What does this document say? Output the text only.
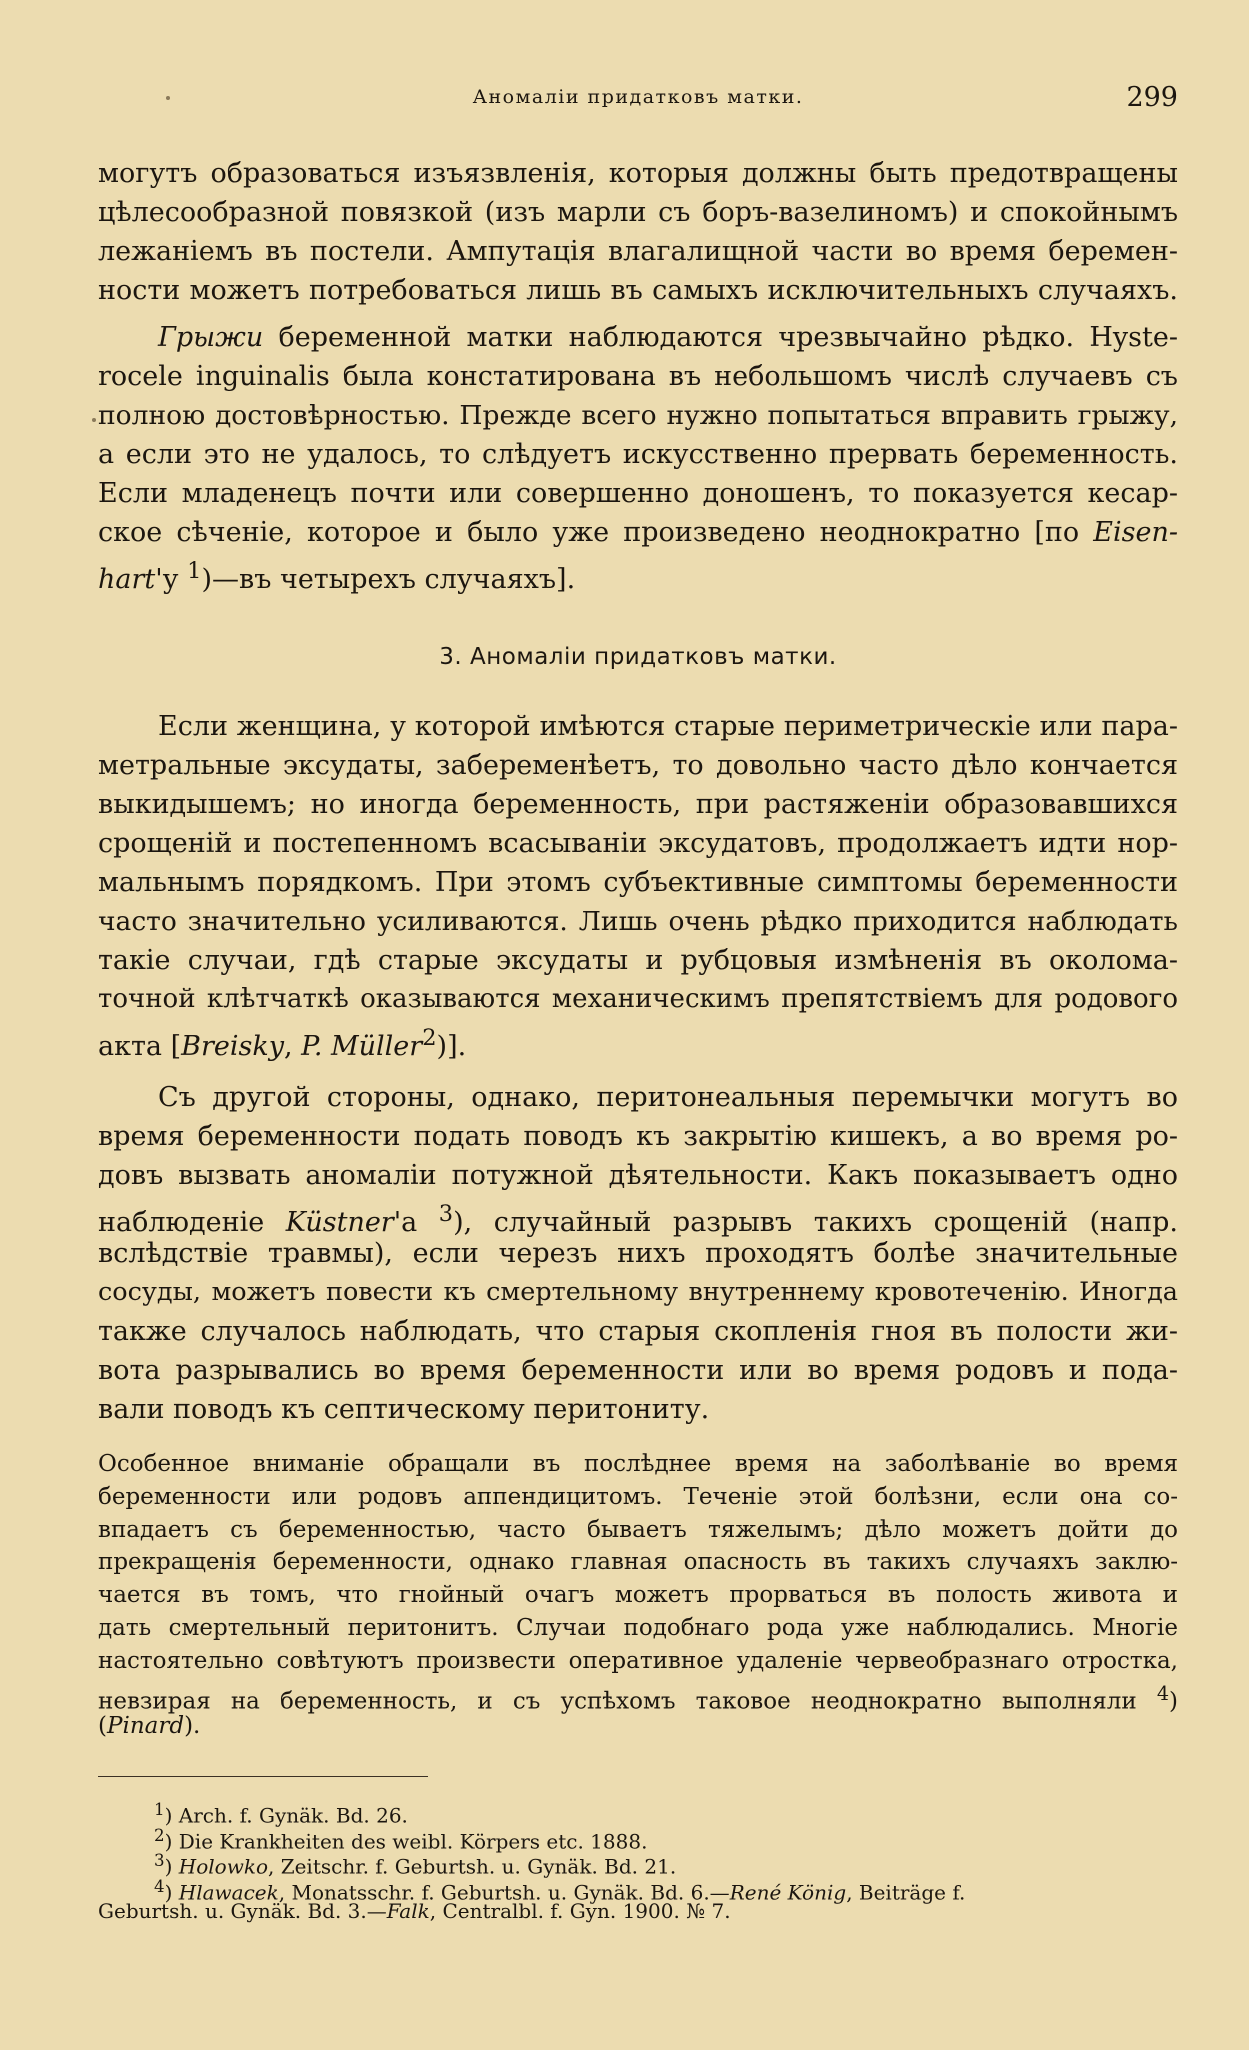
Аномалiи придатковъ матки.	299
могутъ образоваться изъязвленiя, которыя должны быть предотвращены
цѣлесообразной повязкой (изъ марли съ боръ-вазелиномъ) и спокойнымъ
лежанiемъ въ постели. Ампутацiя влагалищной части во время беремен-
ности можетъ потребоваться лишь въ самыхъ исключительныхъ случаяхъ.
Грыжи беременной матки наблюдаются чрезвычайно рѣдко. Hyste-
rocele inguinalis была констатирована въ небольшомъ числѣ случаевъ съ
полною достовѣрностью. Прежде всего нужно попытаться вправить грыжу,
а если это не удалось, то слѣдуетъ искусственно прервать беременность.
Если младенецъ почти или совершенно доношенъ, то показуется кесар-
ское сѣченiе, которое и было уже произведено неоднократно [по Eisen-
hart'у $^1$)—въ четырехъ случаяхъ].
3. Аномалiи придатковъ матки.
Если женщина, у которой имѣются старые периметрическiе или пара-
метральные эксудаты, забеременѣетъ, то довольно часто дѣло кончается
выкидышемъ; но иногда беременность, при растяженiи образовавшихся
срощенiй и постепенномъ всасыванiи эксудатовъ, продолжаетъ идти нор-
мальнымъ порядкомъ. При этомъ субъективные симптомы беременности
часто значительно усиливаются. Лишь очень рѣдко приходится наблюдать
такiе случаи, гдѣ старые эксудаты и рубцовыя измѣненiя въ околома-
точной клѣтчаткѣ оказываются механическимъ препятствiемъ для родового
акта [Breisky, P. Müller$^2$)].
Съ другой стороны, однако, перитонеальныя перемычки могутъ во
время беременности подать поводъ къ закрытiю кишекъ, а во время ро-
довъ вызвать аномалiи потужной дѣятельности. Какъ показываетъ одно
наблюденiе Küstner'а $^3$), случайный разрывъ такихъ срощенiй (напр.
вслѣдствiе травмы), если черезъ нихъ проходятъ болѣе значительные
сосуды, можетъ повести къ смертельному внутреннему кровотеченiю. Иногда
также случалось наблюдать, что старыя скопленiя гноя въ полости жи-
вота разрывались во время беременности или во время родовъ и пода-
вали поводъ къ септическому перитониту.
Особенное вниманiе обращали въ послѣднее время на заболѣванiе во время
беременности или родовъ аппендицитомъ. Теченiе этой болѣзни, если она со-
впадаетъ съ беременностью, часто бываетъ тяжелымъ; дѣло можетъ дойти до
прекращенiя беременности, однако главная опасность въ такихъ случаяхъ заклю-
чается въ томъ, что гнойный очагъ можетъ прорваться въ полость живота и
дать смертельный перитонитъ. Случаи подобнаго рода уже наблюдались. Многiе
настоятельно совѣтуютъ произвести оперативное удаленiе червеобразнаго отростка,
невзирая на беременность, и съ успѣхомъ таковое неоднократно выполняли $^4$)
(Pinard).
$^1$) Arch. f. Gynäk. Bd. 26.
$^2$) Die Krankheiten des weibl. Körpers etc. 1888.
$^3$) Holowko, Zeitschr. f. Geburtsh. u. Gynäk. Bd. 21.
$^4$) Hlawacek, Monatsschr. f. Geburtsh. u. Gynäk. Bd. 6.—René König, Beiträge f.
Geburtsh. u. Gynäk. Bd. 3.—Falk, Centralbl. f. Gyn. 1900. № 7.
